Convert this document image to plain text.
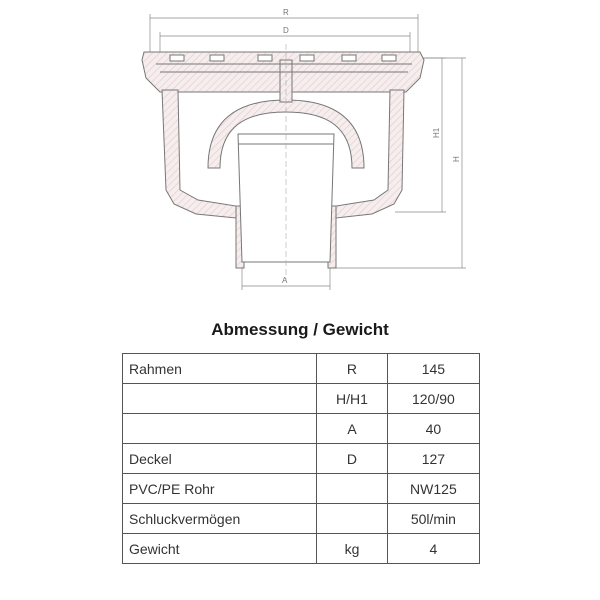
R
D
H1
H
A
Abmessung / Gewicht
Rahmen	R	145
	H/H1	120/90
	A	40
Deckel	D	127
PVC/PE Rohr		NW125
Schluckvermögen		50l/min
Gewicht	kg	4
